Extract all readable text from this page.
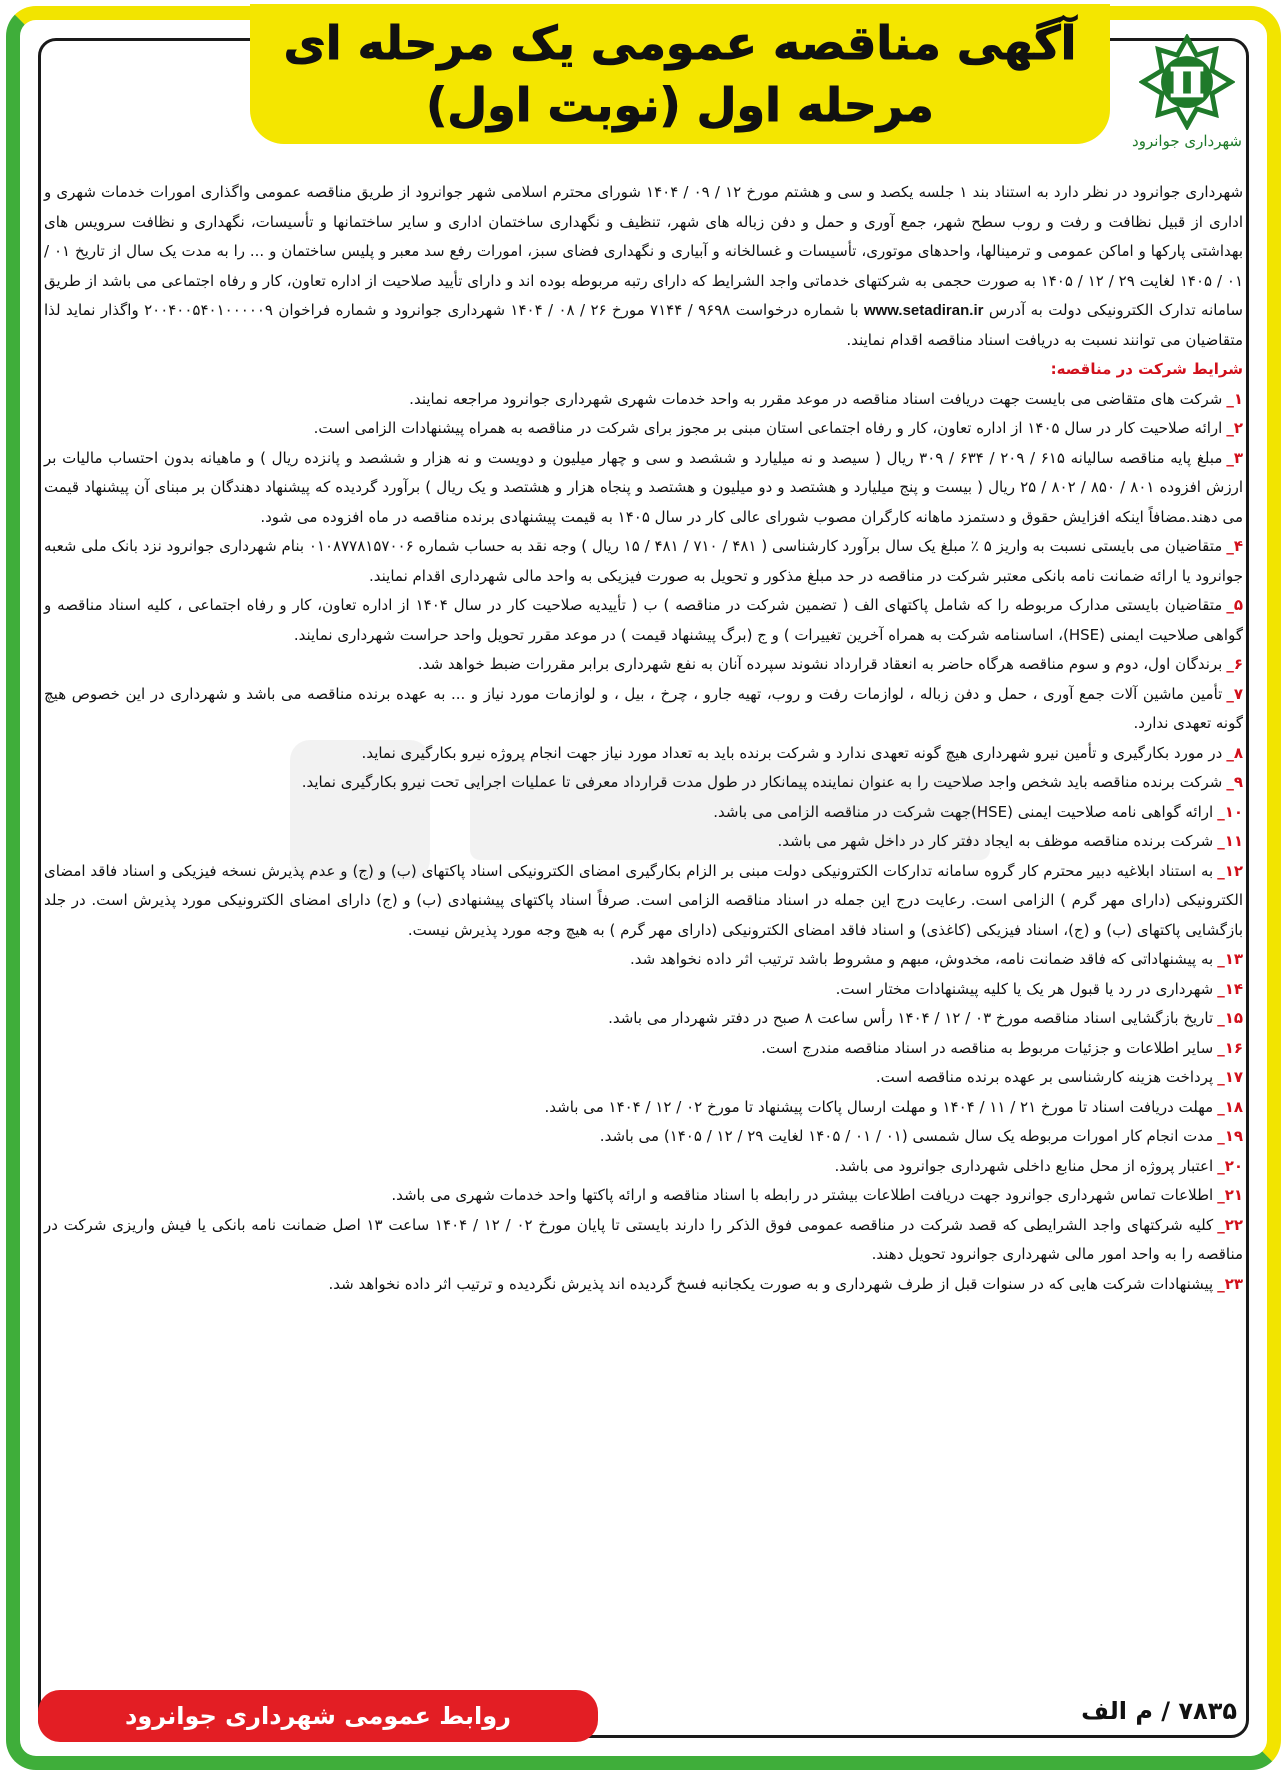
آگهی مناقصه عمومی یک مرحله ای
مرحله اول (نوبت اول)
شهرداری جوانرود

شهرداری جوانرود در نظر دارد به استناد بند ۱ جلسه یکصد و سی و هشتم مورخ ۱۲ / ۰۹ / ۱۴۰۴ شورای محترم اسلامی شهر جوانرود از طریق مناقصه عمومی واگذاری امورات خدمات شهری و اداری از قبیل نظافت و رفت و روب سطح شهر، جمع آوری و حمل و دفن زباله های شهر، تنظیف و نگهداری ساختمان اداری و سایر ساختمانها و تأسیسات، نگهداری و نظافت سرویس های بهداشتی پارکها و اماکن عمومی و ترمینالها، واحدهای موتوری، تأسیسات و غسالخانه و آبیاری و نگهداری فضای سبز، امورات رفع سد معبر و پلیس ساختمان و ... را به مدت یک سال از تاریخ ۰۱ / ۰۱ / ۱۴۰۵ لغایت ۲۹ / ۱۲ / ۱۴۰۵ به صورت حجمی به شرکتهای خدماتی واجد الشرایط که دارای رتبه مربوطه بوده اند و دارای تأیید صلاحیت از اداره تعاون، کار و رفاه اجتماعی می باشد از طریق سامانه تدارک الکترونیکی دولت به آدرس www.setadiran.ir با شماره درخواست ۹۶۹۸ / ۷۱۴۴ مورخ ۲۶ / ۰۸ / ۱۴۰۴ شهرداری جوانرود و شماره فراخوان ۲۰۰۴۰۰۵۴۰۱۰۰۰۰۰۹ واگذار نماید لذا متقاضیان می توانند نسبت به دریافت اسناد مناقصه اقدام نمایند.

شرایط شرکت در مناقصه:

۱_شرکت های متقاضی می بایست جهت دریافت اسناد مناقصه در موعد مقرر به واحد خدمات شهری شهرداری جوانرود مراجعه نمایند.

۲_ارائه صلاحیت کار در سال ۱۴۰۵ از اداره تعاون، کار و رفاه اجتماعی استان مبنی بر مجوز برای شرکت در مناقصه به همراه پیشنهادات الزامی است.

۳_مبلغ پایه مناقصه سالیانه ۶۱۵ / ۲۰۹ / ۶۳۴ / ۳۰۹ ریال ( سیصد و نه میلیارد و ششصد و سی و چهار میلیون و دویست و نه هزار و ششصد و پانزده ریال ) و ماهیانه بدون احتساب مالیات بر ارزش افزوده ۸۰۱ / ۸۵۰ / ۸۰۲ / ۲۵ ریال ( بیست و پنج میلیارد و هشتصد و دو میلیون و هشتصد و پنجاه هزار و هشتصد و یک ریال ) برآورد گردیده که پیشنهاد دهندگان بر مبنای آن پیشنهاد قیمت می دهند.مضافاً اینکه افزایش حقوق و دستمزد ماهانه کارگران مصوب شورای عالی کار در سال ۱۴۰۵ به قیمت پیشنهادی برنده مناقصه در ماه افزوده می شود.

۴_متقاضیان می بایستی نسبت به واریز ۵ ٪ مبلغ یک سال برآورد کارشناسی ( ۴۸۱ / ۷۱۰ / ۴۸۱ / ۱۵ ریال ) وجه نقد به حساب شماره ۰۱۰۸۷۷۸۱۵۷۰۰۶ بنام شهرداری جوانرود نزد بانک ملی شعبه جوانرود یا ارائه ضمانت نامه بانکی معتبر شرکت در مناقصه در حد مبلغ مذکور و تحویل به صورت فیزیکی به واحد مالی شهرداری اقدام نمایند.

۵_متقاضیان بایستی مدارک مربوطه را که شامل پاکتهای الف ( تضمین شرکت در مناقصه ) ب ( تأییدیه صلاحیت کار در سال ۱۴۰۴ از اداره تعاون، کار و رفاه اجتماعی ، کلیه اسناد مناقصه و گواهی صلاحیت ایمنی (HSE)، اساسنامه شرکت به همراه آخرین تغییرات ) و ج (برگ پیشنهاد قیمت ) در موعد مقرر تحویل واحد حراست شهرداری نمایند.

۶_برندگان اول، دوم و سوم مناقصه هرگاه حاضر به انعقاد قرارداد نشوند سپرده آنان به نفع شهرداری برابر مقررات ضبط خواهد شد.

۷_تأمین ماشین آلات جمع آوری ، حمل و دفن زباله ، لوازمات رفت و روب، تهیه جارو ، چرخ ، بیل ، و لوازمات مورد نیاز و ... به عهده برنده مناقصه می باشد و شهرداری در این خصوص هیچ گونه تعهدی ندارد.

۸_در مورد بکارگیری و تأمین نیرو شهرداری هیچ گونه تعهدی ندارد و شرکت برنده باید به تعداد مورد نیاز جهت انجام پروژه نیرو بکارگیری نماید.

۹_شرکت برنده مناقصه باید شخص واجد صلاحیت را به عنوان نماینده پیمانکار در طول مدت قرارداد معرفی تا عملیات اجرایی تحت نیرو بکارگیری نماید.

۱۰_ارائه گواهی نامه صلاحیت ایمنی (HSE)جهت شرکت در مناقصه الزامی می باشد.

۱۱_شرکت برنده مناقصه موظف به ایجاد دفتر کار در داخل شهر می باشد.

۱۲_به استناد ابلاغیه دبیر محترم کار گروه سامانه تدارکات الکترونیکی دولت مبنی بر الزام بکارگیری امضای الکترونیکی اسناد پاکتهای (ب) و (ج) و عدم پذیرش نسخه فیزیکی و اسناد فاقد امضای الکترونیکی (دارای مهر گرم ) الزامی است. رعایت درج این جمله در اسناد مناقصه الزامی است. صرفاً اسناد پاکتهای پیشنهادی (ب) و (ج) دارای امضای الکترونیکی مورد پذیرش است. در جلد بازگشایی پاکتهای (ب) و (ج)، اسناد فیزیکی (کاغذی) و اسناد فاقد امضای الکترونیکی (دارای مهر گرم ) به هیچ وجه مورد پذیرش نیست.

۱۳_به پیشنهاداتی که فاقد ضمانت نامه، مخدوش، مبهم و مشروط باشد ترتیب اثر داده نخواهد شد.

۱۴_شهرداری در رد یا قبول هر یک یا کلیه پیشنهادات مختار است.

۱۵_تاریخ بازگشایی اسناد مناقصه مورخ ۰۳ / ۱۲ / ۱۴۰۴ رأس ساعت ۸ صبح در دفتر شهردار می باشد.

۱۶_سایر اطلاعات و جزئیات مربوط به مناقصه در اسناد مناقصه مندرج است.

۱۷_پرداخت هزینه کارشناسی بر عهده برنده مناقصه است.

۱۸_مهلت دریافت اسناد تا مورخ ۲۱ / ۱۱ / ۱۴۰۴ و مهلت ارسال پاکات پیشنهاد تا مورخ ۰۲ / ۱۲ / ۱۴۰۴ می باشد.

۱۹_مدت انجام کار امورات مربوطه یک سال شمسی (۰۱ / ۰۱ / ۱۴۰۵ لغایت ۲۹ / ۱۲ / ۱۴۰۵) می باشد.

۲۰_اعتبار پروژه از محل منابع داخلی شهرداری جوانرود می باشد.

۲۱_اطلاعات تماس شهرداری جوانرود جهت دریافت اطلاعات بیشتر در رابطه با اسناد مناقصه و ارائه پاکتها واحد خدمات شهری می باشد.

۲۲_کلیه شرکتهای واجد الشرایطی که قصد شرکت در مناقصه عمومی فوق الذکر را دارند بایستی تا پایان مورخ ۰۲ / ۱۲ / ۱۴۰۴ ساعت ۱۳ اصل ضمانت نامه بانکی یا فیش واریزی شرکت در مناقصه را به واحد امور مالی شهرداری جوانرود تحویل دهند.

۲۳_پیشنهادات شرکت هایی که در سنوات قبل از طرف شهرداری و به صورت یکجانبه فسخ گردیده اند پذیرش نگردیده و ترتیب اثر داده نخواهد شد.

روابط عمومی شهرداری جوانرود	۷۸۳۵ / م الف
